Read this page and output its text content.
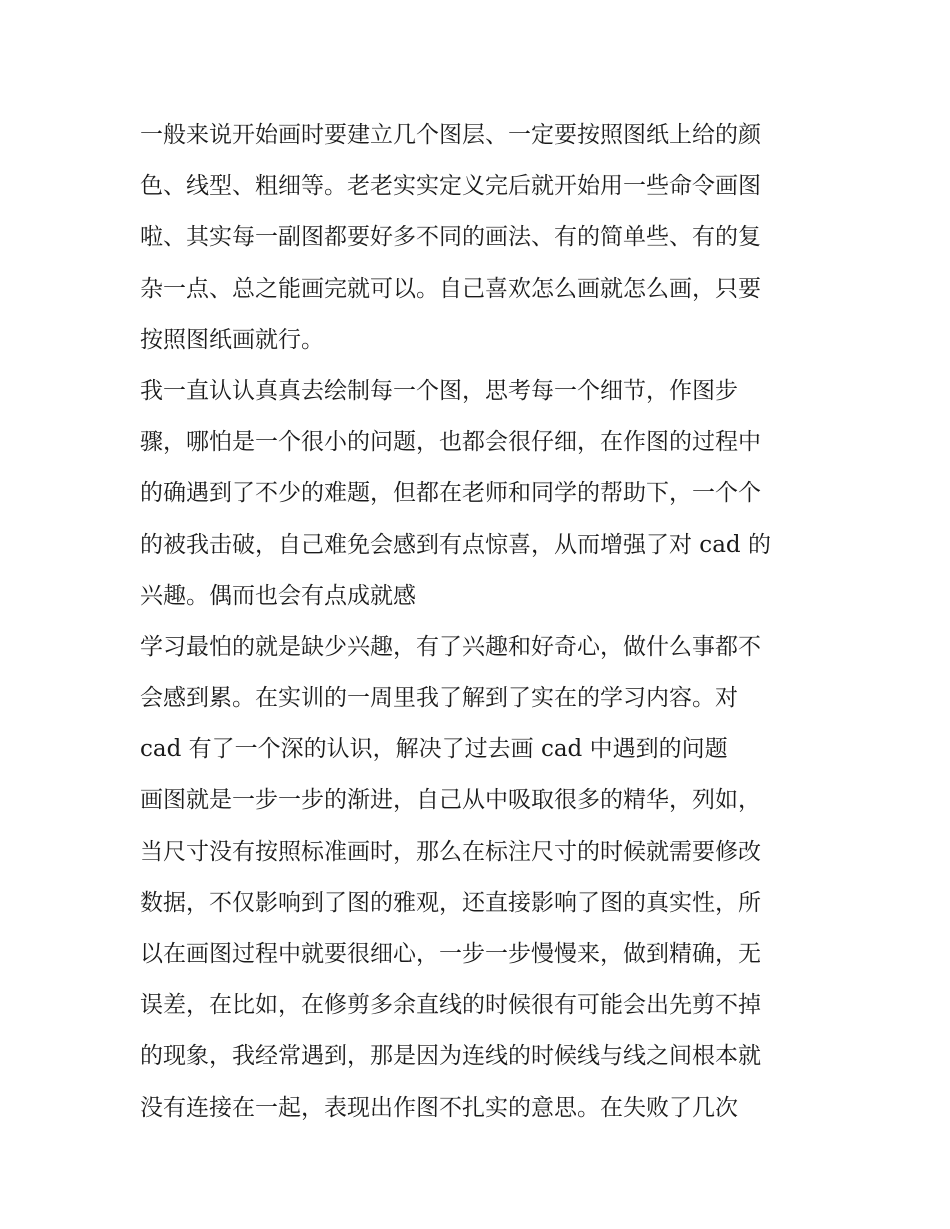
一般来说开始画时要建立几个图层、一定要按照图纸上给的颜
色、线型、粗细等。老老实实定义完后就开始用一些命令画图
啦、其实每一副图都要好多不同的画法、有的简单些、有的复
杂一点、总之能画完就可以。自己喜欢怎么画就怎么画，只要
按照图纸画就行。
我一直认认真真去绘制每一个图，思考每一个细节，作图步
骤，哪怕是一个很小的问题，也都会很仔细，在作图的过程中
的确遇到了不少的难题，但都在老师和同学的帮助下，一个个
的被我击破，自己难免会感到有点惊喜，从而增强了对 cad 的
兴趣。偶而也会有点成就感
学习最怕的就是缺少兴趣，有了兴趣和好奇心，做什么事都不
会感到累。在实训的一周里我了解到了实在的学习内容。对
cad 有了一个深的认识，解决了过去画 cad 中遇到的问题
画图就是一步一步的渐进，自己从中吸取很多的精华，列如，
当尺寸没有按照标准画时，那么在标注尺寸的时候就需要修改
数据，不仅影响到了图的雅观，还直接影响了图的真实性，所
以在画图过程中就要很细心，一步一步慢慢来，做到精确，无
误差，在比如，在修剪多余直线的时候很有可能会出先剪不掉
的现象，我经常遇到，那是因为连线的时候线与线之间根本就
没有连接在一起，表现出作图不扎实的意思。在失败了几次
